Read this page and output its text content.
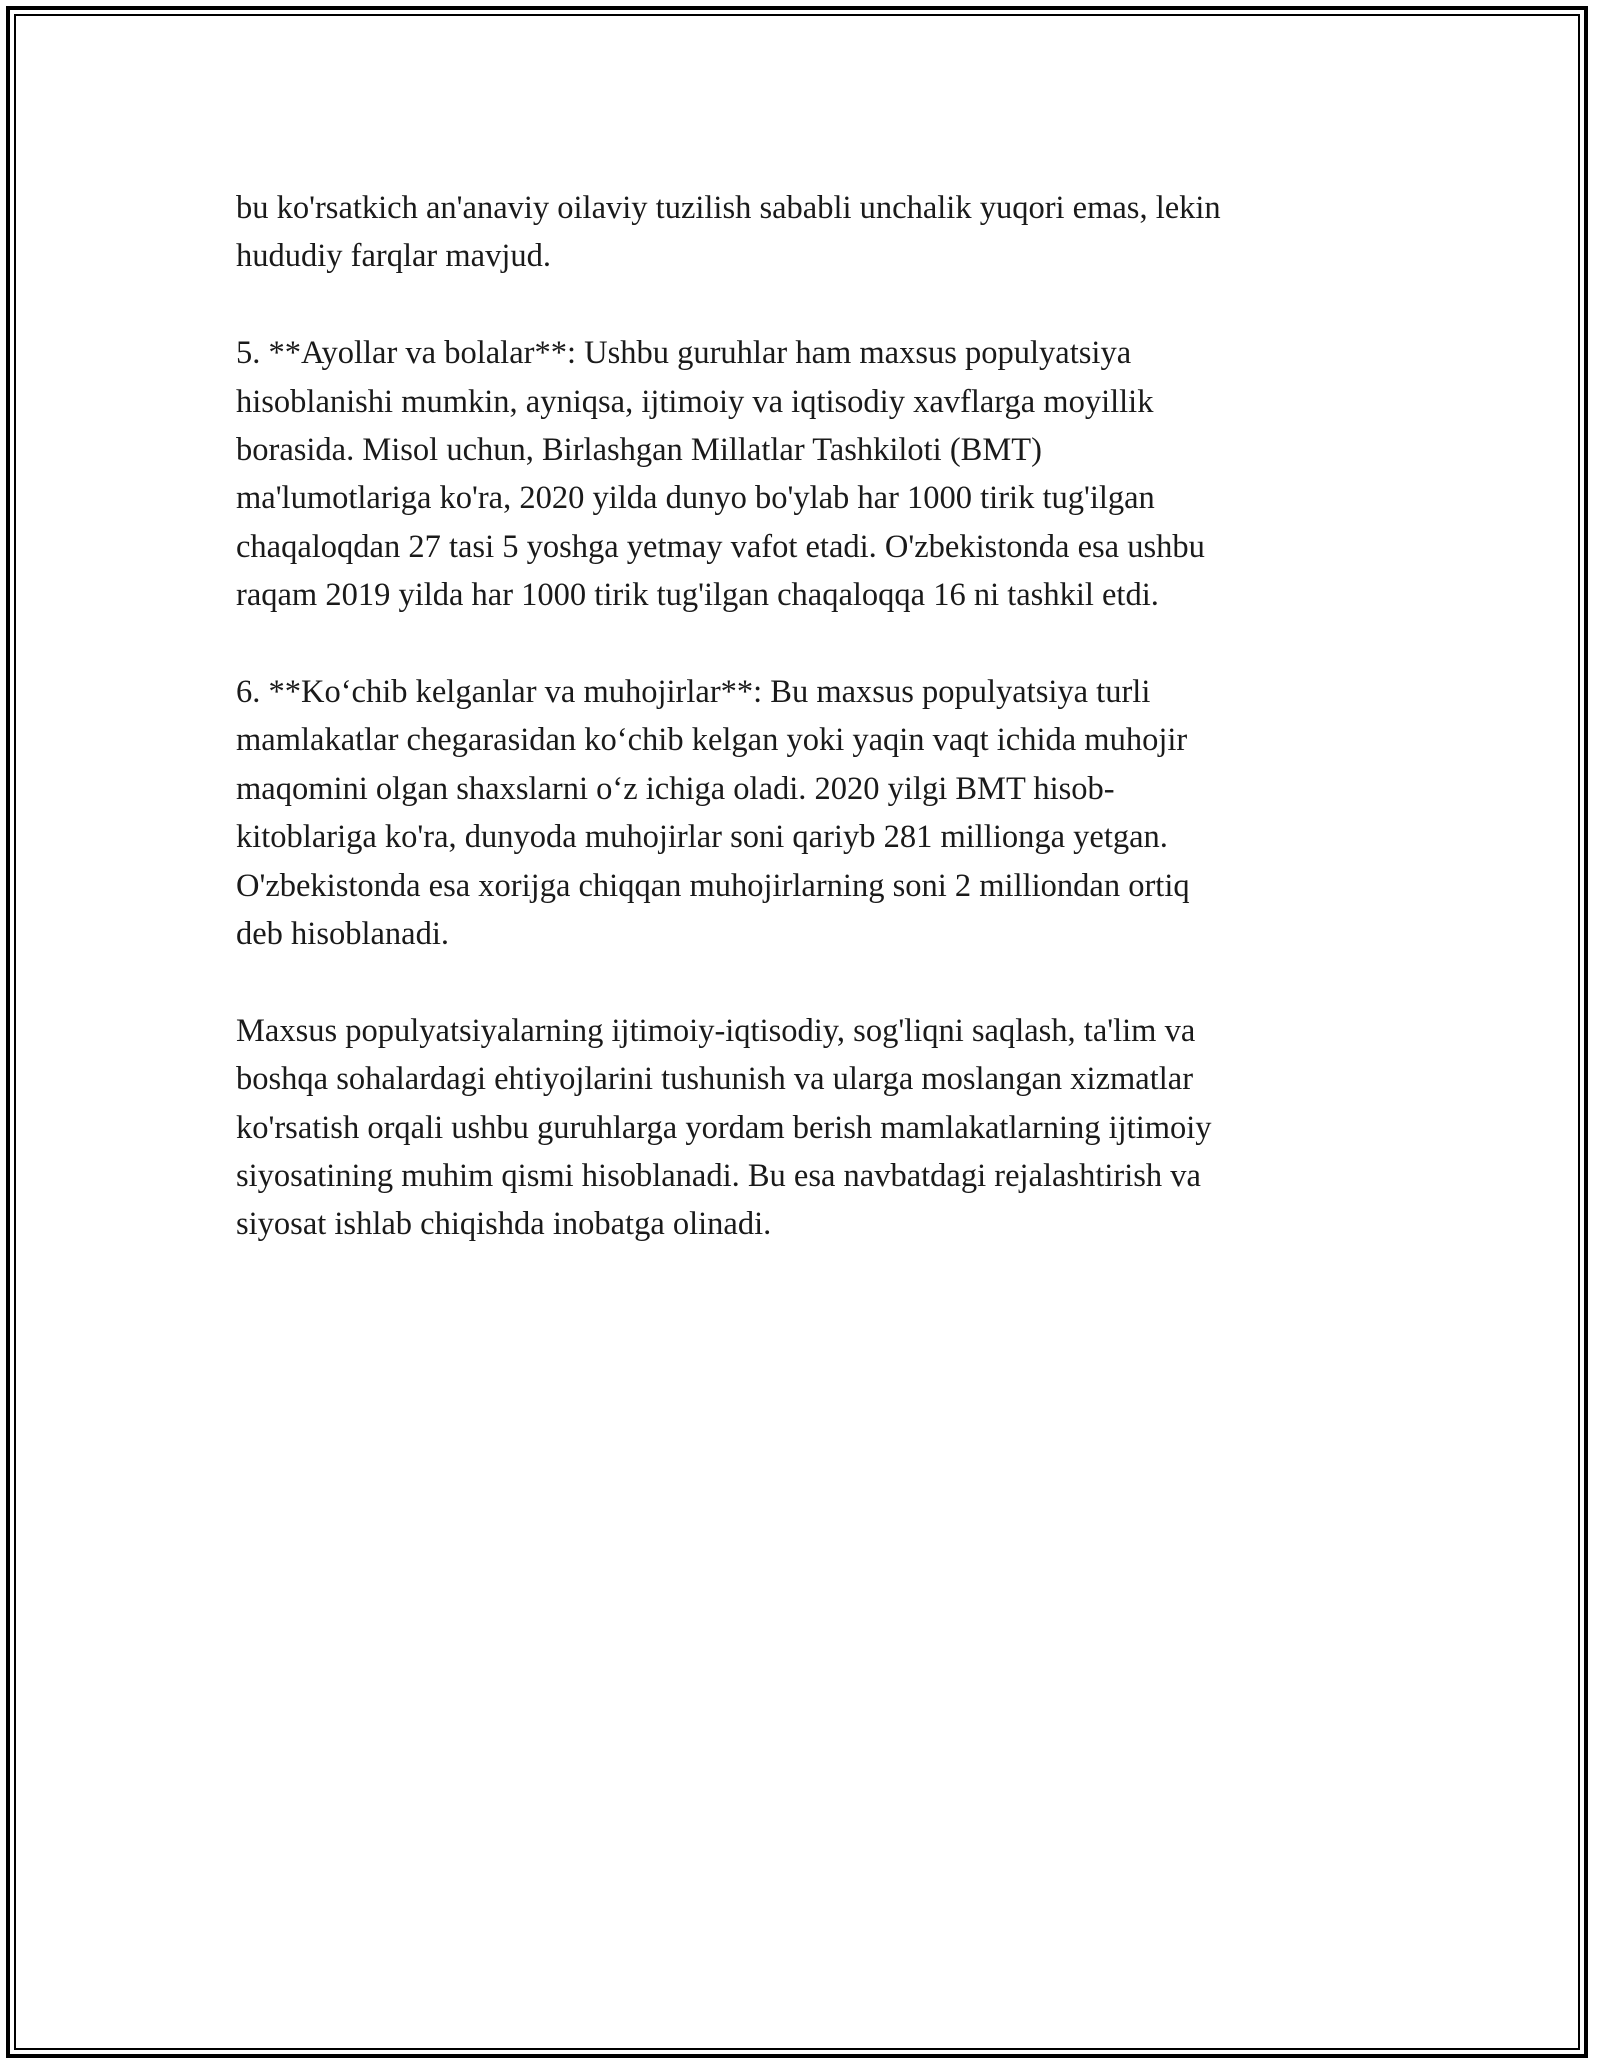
bu ko'rsatkich an'anaviy oilaviy tuzilish sababli unchalik yuqori emas, lekin
hududiy farqlar mavjud.

5. **Ayollar va bolalar**: Ushbu guruhlar ham maxsus populyatsiya
hisoblanishi mumkin, ayniqsa, ijtimoiy va iqtisodiy xavflarga moyillik
borasida. Misol uchun, Birlashgan Millatlar Tashkiloti (BMT)
ma'lumotlariga ko'ra, 2020 yilda dunyo bo'ylab har 1000 tirik tug'ilgan
chaqaloqdan 27 tasi 5 yoshga yetmay vafot etadi. O'zbekistonda esa ushbu
raqam 2019 yilda har 1000 tirik tug'ilgan chaqaloqqa 16 ni tashkil etdi.

6. **Ko‘chib kelganlar va muhojirlar**: Bu maxsus populyatsiya turli
mamlakatlar chegarasidan ko‘chib kelgan yoki yaqin vaqt ichida muhojir
maqomini olgan shaxslarni o‘z ichiga oladi. 2020 yilgi BMT hisob-
kitoblariga ko'ra, dunyoda muhojirlar soni qariyb 281 millionga yetgan.
O'zbekistonda esa xorijga chiqqan muhojirlarning soni 2 milliondan ortiq
deb hisoblanadi.

Maxsus populyatsiyalarning ijtimoiy-iqtisodiy, sog'liqni saqlash, ta'lim va
boshqa sohalardagi ehtiyojlarini tushunish va ularga moslangan xizmatlar
ko'rsatish orqali ushbu guruhlarga yordam berish mamlakatlarning ijtimoiy
siyosatining muhim qismi hisoblanadi. Bu esa navbatdagi rejalashtirish va
siyosat ishlab chiqishda inobatga olinadi.
